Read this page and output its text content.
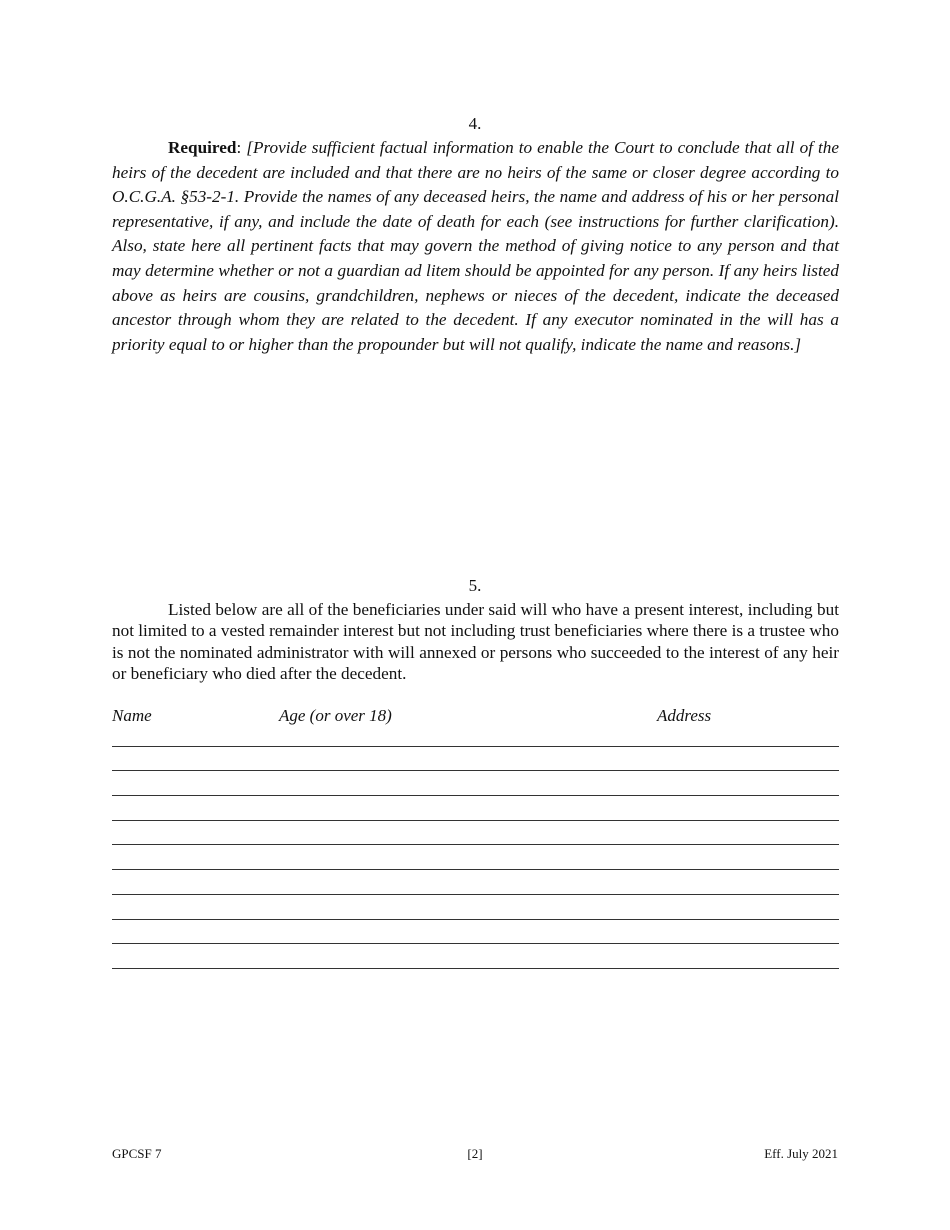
4.
Required: [Provide sufficient factual information to enable the Court to conclude that all of the heirs of the decedent are included and that there are no heirs of the same or closer degree according to O.C.G.A. §53-2-1. Provide the names of any deceased heirs, the name and address of his or her personal representative, if any, and include the date of death for each (see instructions for further clarification). Also, state here all pertinent facts that may govern the method of giving notice to any person and that may determine whether or not a guardian ad litem should be appointed for any person. If any heirs listed above as heirs are cousins, grandchildren, nephews or nieces of the decedent, indicate the deceased ancestor through whom they are related to the decedent. If any executor nominated in the will has a priority equal to or higher than the propounder but will not qualify, indicate the name and reasons.]
5.
Listed below are all of the beneficiaries under said will who have a present interest, including but not limited to a vested remainder interest but not including trust beneficiaries where there is a trustee who is not the nominated administrator with will annexed or persons who succeeded to the interest of any heir or beneficiary who died after the decedent.
Name	Age (or over 18)	Address
GPCSF 7	[2]	Eff. July 2021
